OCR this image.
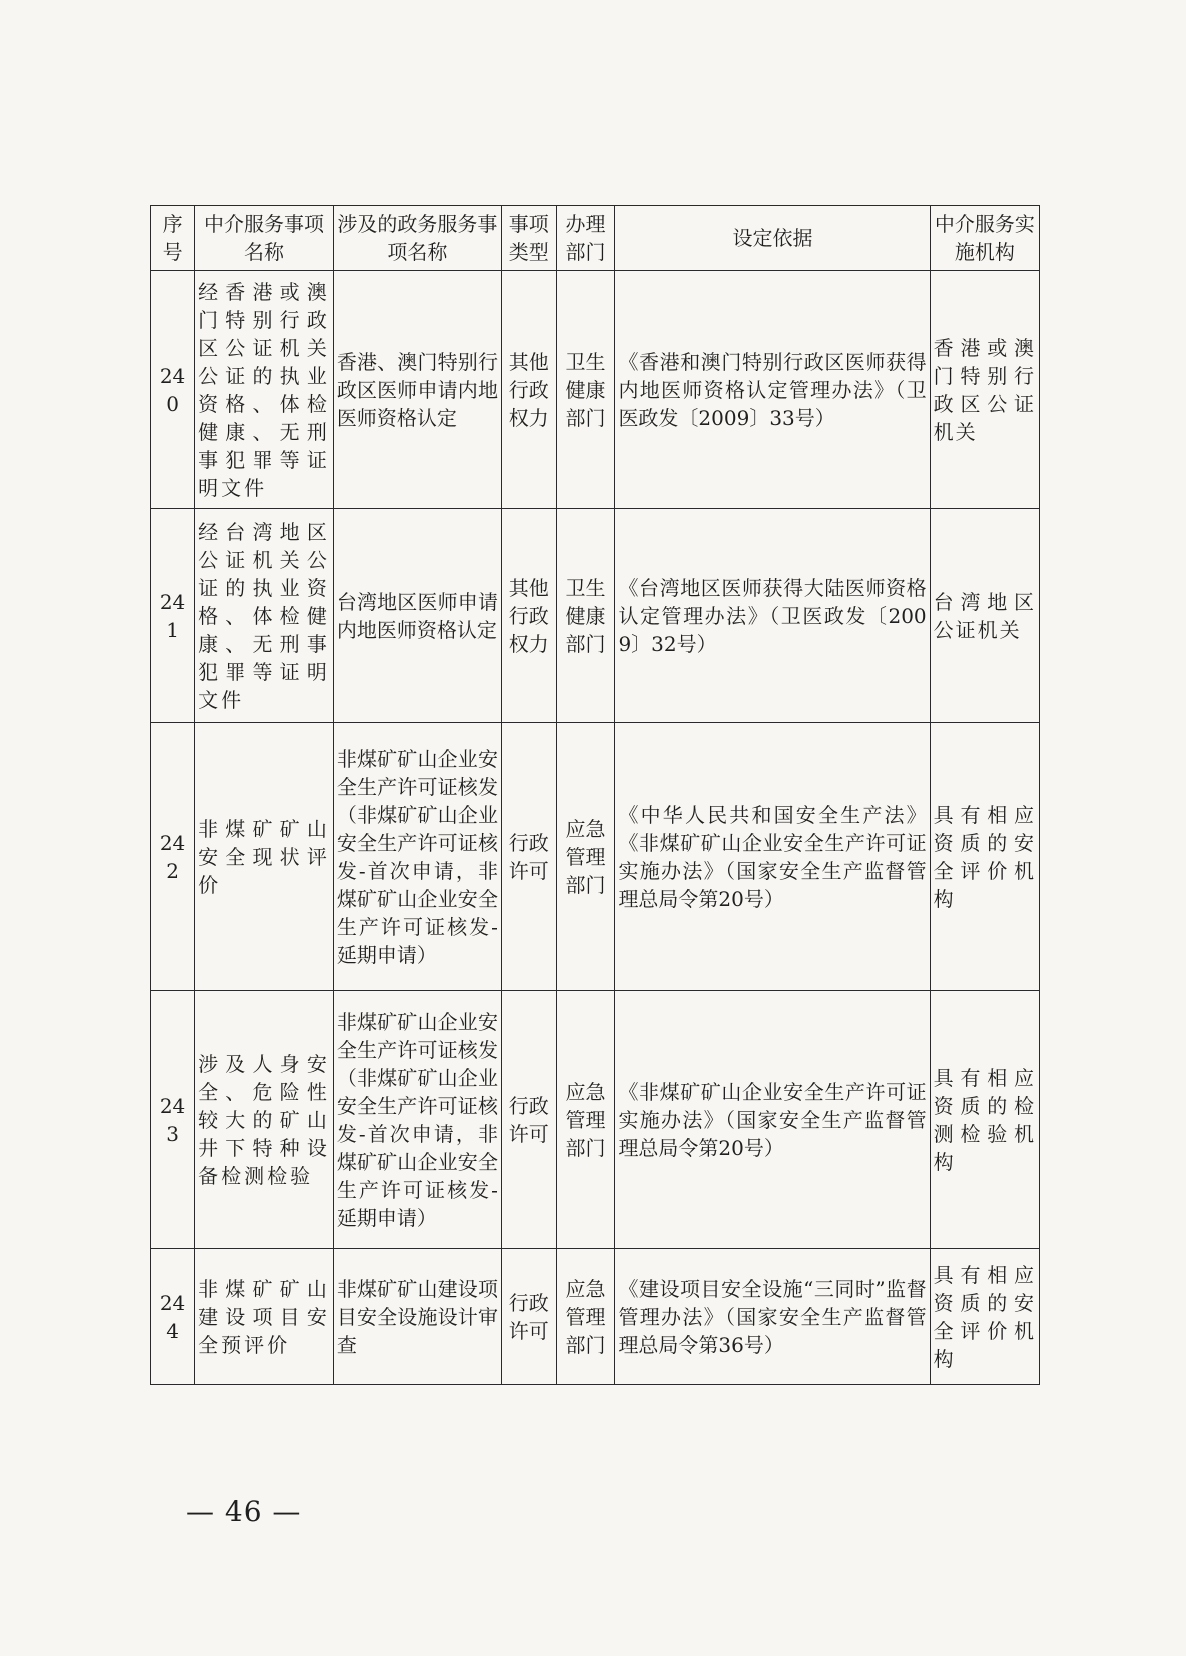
序号	中介服务事项名称	涉及的政务服务事项名称	事项类型	办理部门	设定依据	中介服务实施机构
240	经香港或澳门特别行政区公证机关公证的执业资格、体检健康、无刑事犯罪等证明文件	香港、澳门特别行政区医师申请内地医师资格认定	其他行政权力	卫生健康部门	《香港和澳门特别行政区医师获得内地医师资格认定管理办法》（卫医政发〔2009〕33号）	香港或澳门特别行政区公证机关
241	经台湾地区公证机关公证的执业资格、体检健康、无刑事犯罪等证明文件	台湾地区医师申请内地医师资格认定	其他行政权力	卫生健康部门	《台湾地区医师获得大陆医师资格认定管理办法》（卫医政发〔2009〕32号）	台湾地区公证机关
242	非煤矿矿山安全现状评价	非煤矿矿山企业安全生产许可证核发（非煤矿矿山企业安全生产许可证核发-首次申请，非煤矿矿山企业安全生产许可证核发-延期申请）	行政许可	应急管理部门	《中华人民共和国安全生产法》《非煤矿矿山企业安全生产许可证实施办法》（国家安全生产监督管理总局令第20号）	具有相应资质的安全评价机构
243	涉及人身安全、危险性较大的矿山井下特种设备检测检验	非煤矿矿山企业安全生产许可证核发（非煤矿矿山企业安全生产许可证核发-首次申请，非煤矿矿山企业安全生产许可证核发-延期申请）	行政许可	应急管理部门	《非煤矿矿山企业安全生产许可证实施办法》（国家安全生产监督管理总局令第20号）	具有相应资质的检测检验机构
244	非煤矿矿山建设项目安全预评价	非煤矿矿山建设项目安全设施设计审查	行政许可	应急管理部门	《建设项目安全设施“三同时”监督管理办法》（国家安全生产监督管理总局令第36号）	具有相应资质的安全评价机构
— 46 —
